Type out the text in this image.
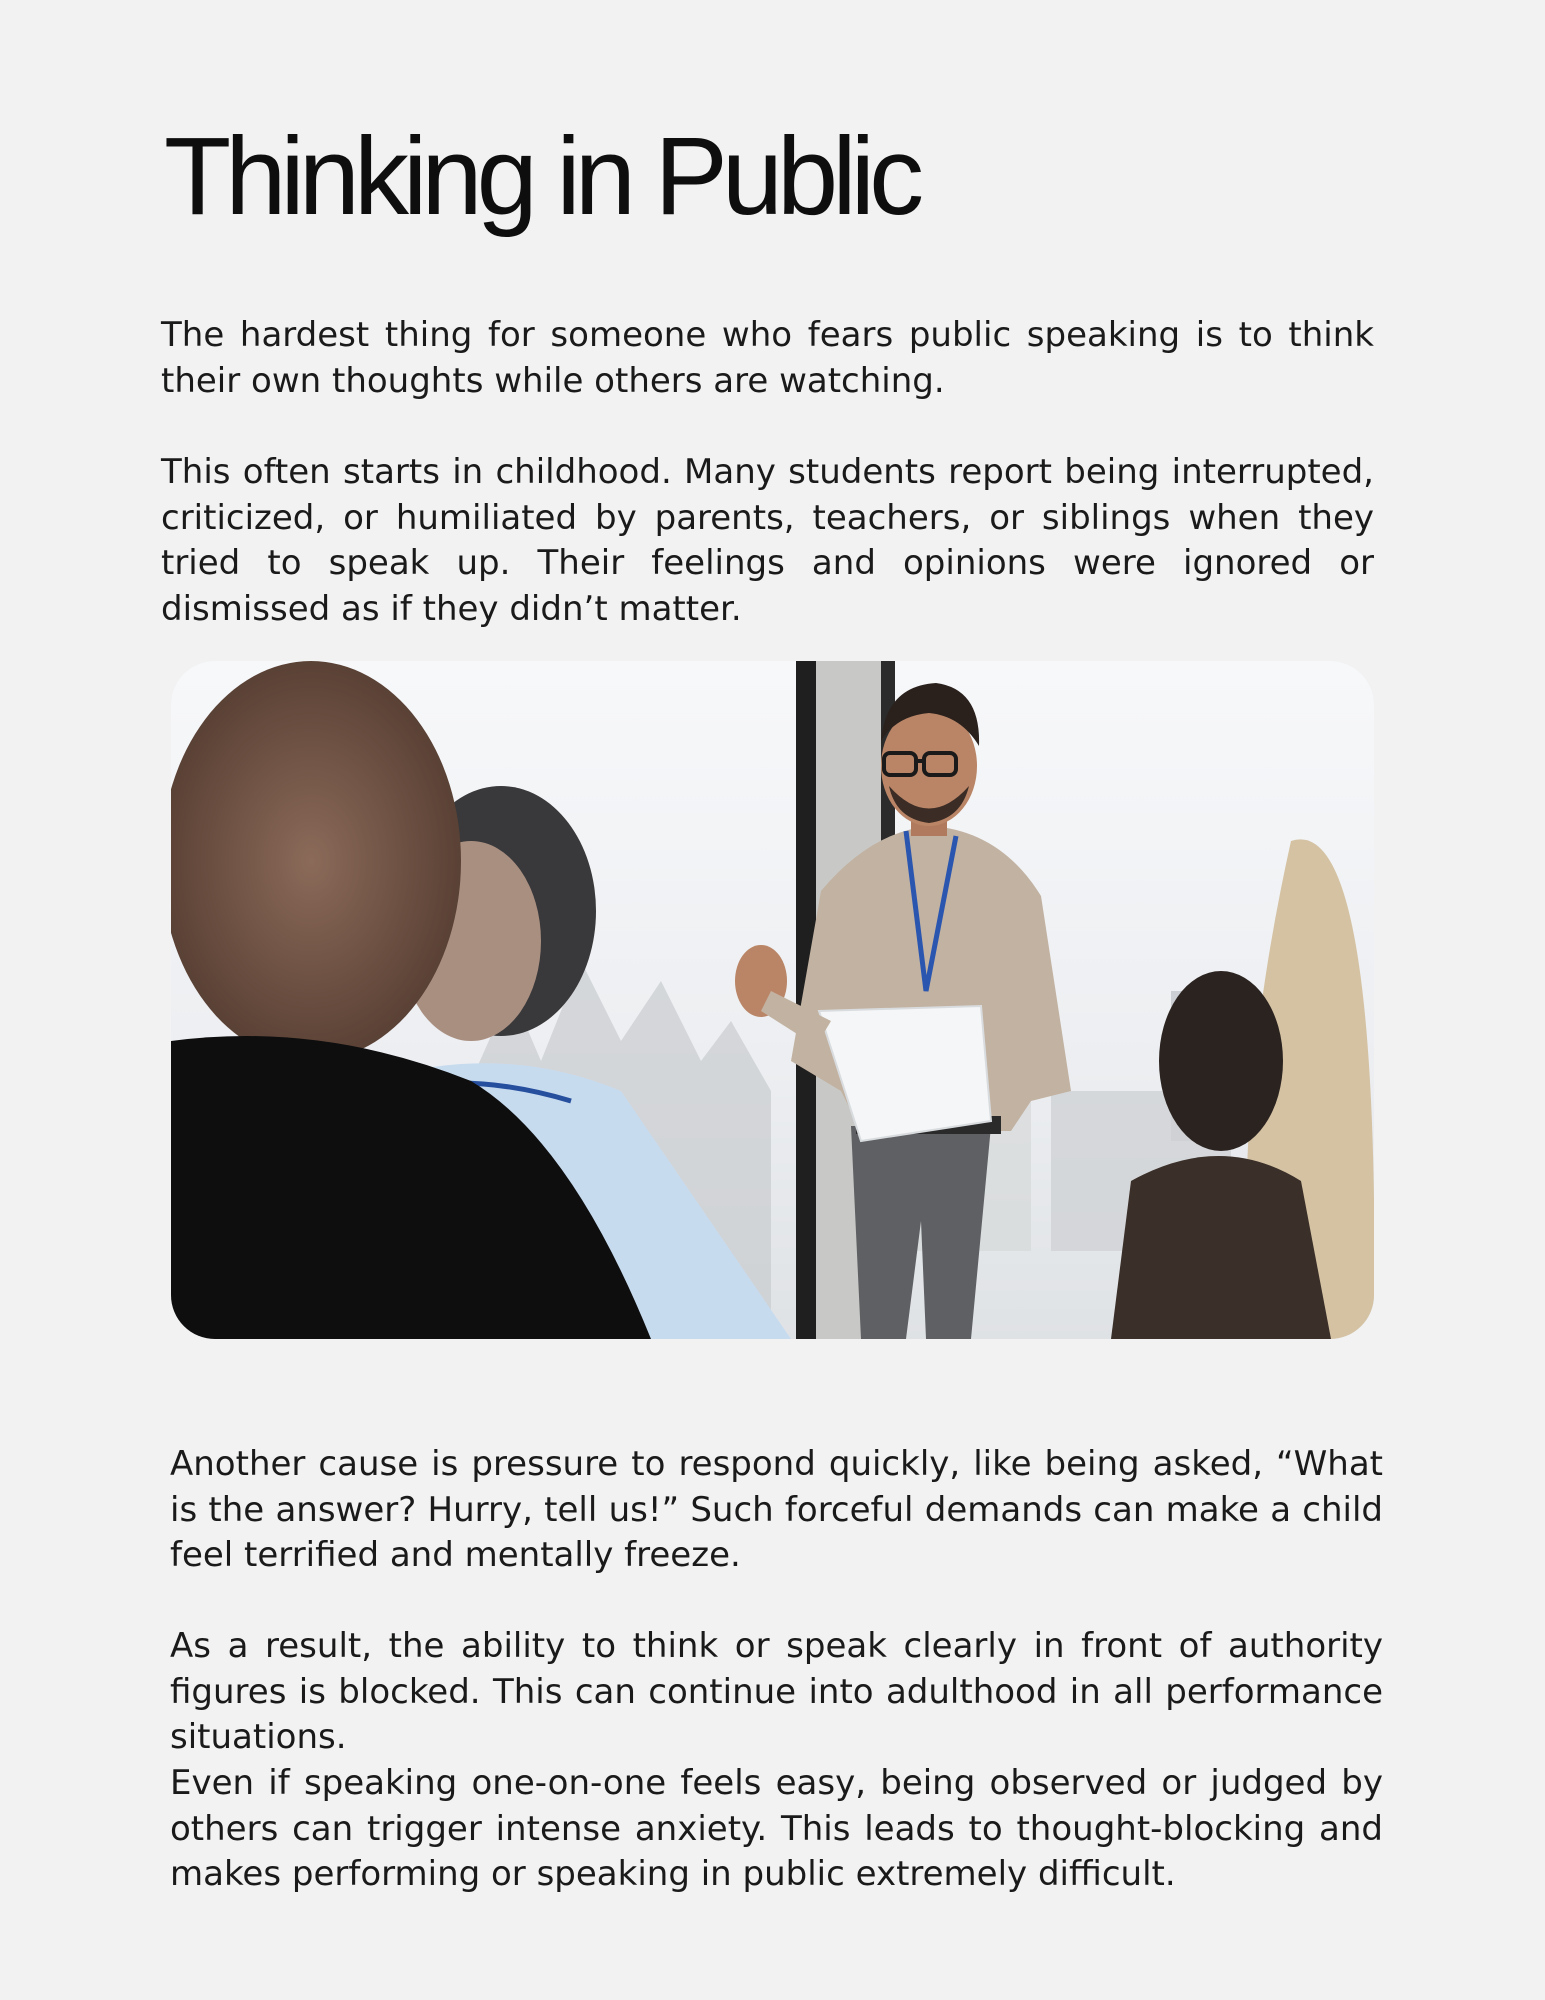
Thinking in Public

The hardest thing for someone who fears public speaking is to think their own thoughts while others are watching.

This often starts in childhood. Many students report being interrupted, criticized, or humiliated by parents, teachers, or siblings when they tried to speak up. Their feelings and opinions were ignored or dismissed as if they didn’t matter.

Another cause is pressure to respond quickly, like being asked, “What is the answer? Hurry, tell us!” Such forceful demands can make a child feel terrified and mentally freeze.

As a result, the ability to think or speak clearly in front of authority figures is blocked. This can continue into adulthood in all performance situations.

Even if speaking one-on-one feels easy, being observed or judged by others can trigger intense anxiety. This leads to thought-blocking and makes performing or speaking in public extremely difficult.
